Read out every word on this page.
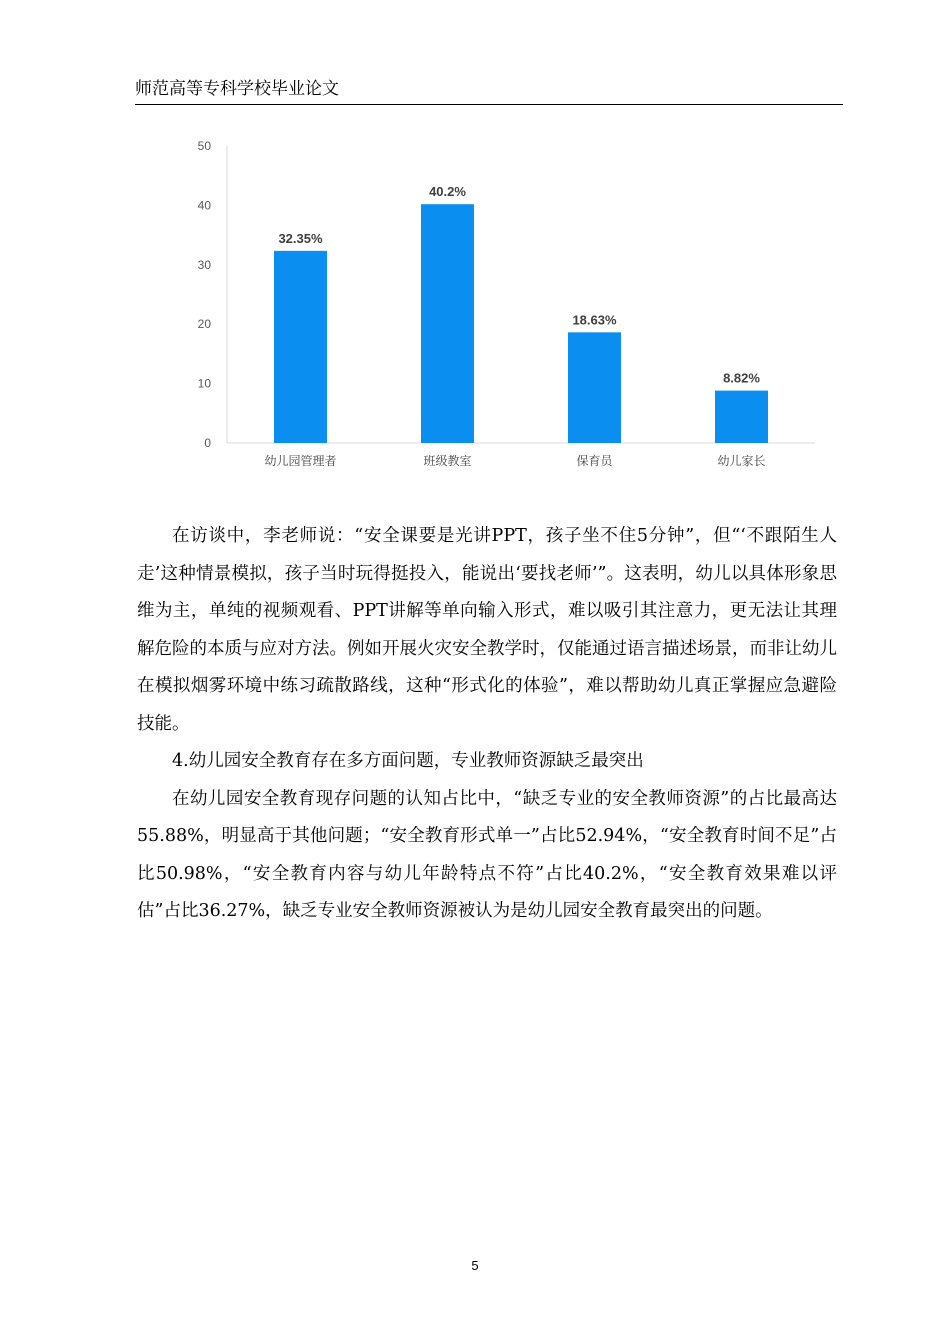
师范高等专科学校毕业论文
0
10
20
30
40
50
32.35%
幼儿园管理者
40.2%
班级教室
18.63%
保育员
8.82%
幼儿家长

在访谈中，李老师说：“安全课要是光讲PPT，孩子坐不住5分钟”，但“‘不跟陌生人走’这种情景模拟，孩子当时玩得挺投入，能说出‘要找老师’”。这表明，幼儿以具体形象思维为主，单纯的视频观看、PPT讲解等单向输入形式，难以吸引其注意力，更无法让其理解危险的本质与应对方法。例如开展火灾安全教学时，仅能通过语言描述场景，而非让幼儿在模拟烟雾环境中练习疏散路线，这种“形式化的体验”，难以帮助幼儿真正掌握应急避险技能。

4.幼儿园安全教育存在多方面问题，专业教师资源缺乏最突出

在幼儿园安全教育现存问题的认知占比中，“缺乏专业的安全教师资源”的占比最高达55.88%，明显高于其他问题；“安全教育形式单一”占比52.94%，“安全教育时间不足”占比50.98%，“安全教育内容与幼儿年龄特点不符”占比40.2%，“安全教育效果难以评估”占比36.27%，缺乏专业安全教师资源被认为是幼儿园安全教育最突出的问题。

5
